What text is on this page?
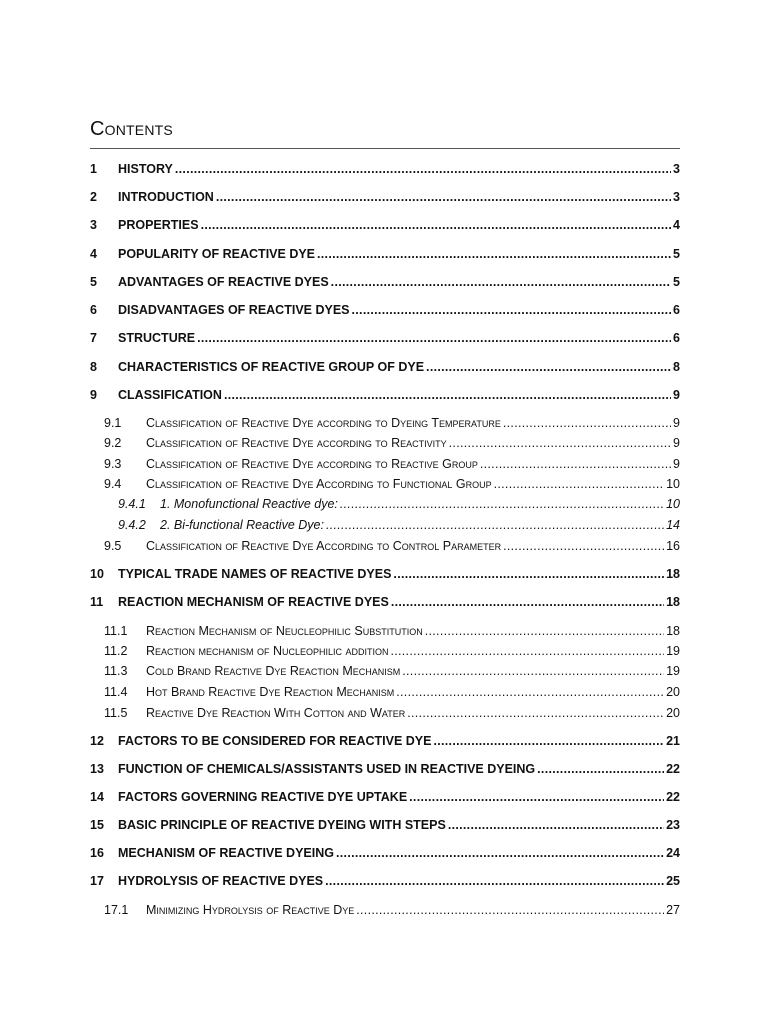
Contents
1	HISTORY .....	3
2	INTRODUCTION .....	3
3	PROPERTIES .....	4
4	POPULARITY OF REACTIVE DYE .....	5
5	ADVANTAGES OF REACTIVE DYES .....	5
6	DISADVANTAGES OF REACTIVE DYES .....	6
7	STRUCTURE .....	6
8	CHARACTERISTICS OF REACTIVE GROUP OF DYE .....	8
9	CLASSIFICATION .....	9
9.1	Classification of Reactive Dye according to Dyeing Temperature .....	9
9.2	Classification of Reactive Dye according to Reactivity .....	9
9.3	Classification of Reactive Dye according to Reactive Group .....	9
9.4	Classification of Reactive Dye According to Functional Group .....	10
9.4.1	1. Monofunctional Reactive dye: .....	10
9.4.2	2. Bi-functional Reactive Dye: .....	14
9.5	Classification of Reactive Dye According to Control Parameter .....	16
10	TYPICAL TRADE NAMES OF REACTIVE DYES .....	18
11	REACTION MECHANISM OF REACTIVE DYES .....	18
11.1	Reaction Mechanism of Neucleophilic Substitution .....	18
11.2	Reaction mechanism of Nucleophilic addition .....	19
11.3	Cold Brand Reactive Dye Reaction Mechanism .....	19
11.4	Hot Brand Reactive Dye Reaction Mechanism .....	20
11.5	Reactive Dye Reaction With Cotton and Water .....	20
12	FACTORS TO BE CONSIDERED FOR REACTIVE DYE .....	21
13	FUNCTION OF CHEMICALS/ASSISTANTS USED IN REACTIVE DYEING .....	22
14	FACTORS GOVERNING REACTIVE DYE UPTAKE .....	22
15	BASIC PRINCIPLE OF REACTIVE DYEING WITH STEPS .....	23
16	MECHANISM OF REACTIVE DYEING .....	24
17	HYDROLYSIS OF REACTIVE DYES .....	25
17.1	Minimizing Hydrolysis of Reactive Dye .....	27
